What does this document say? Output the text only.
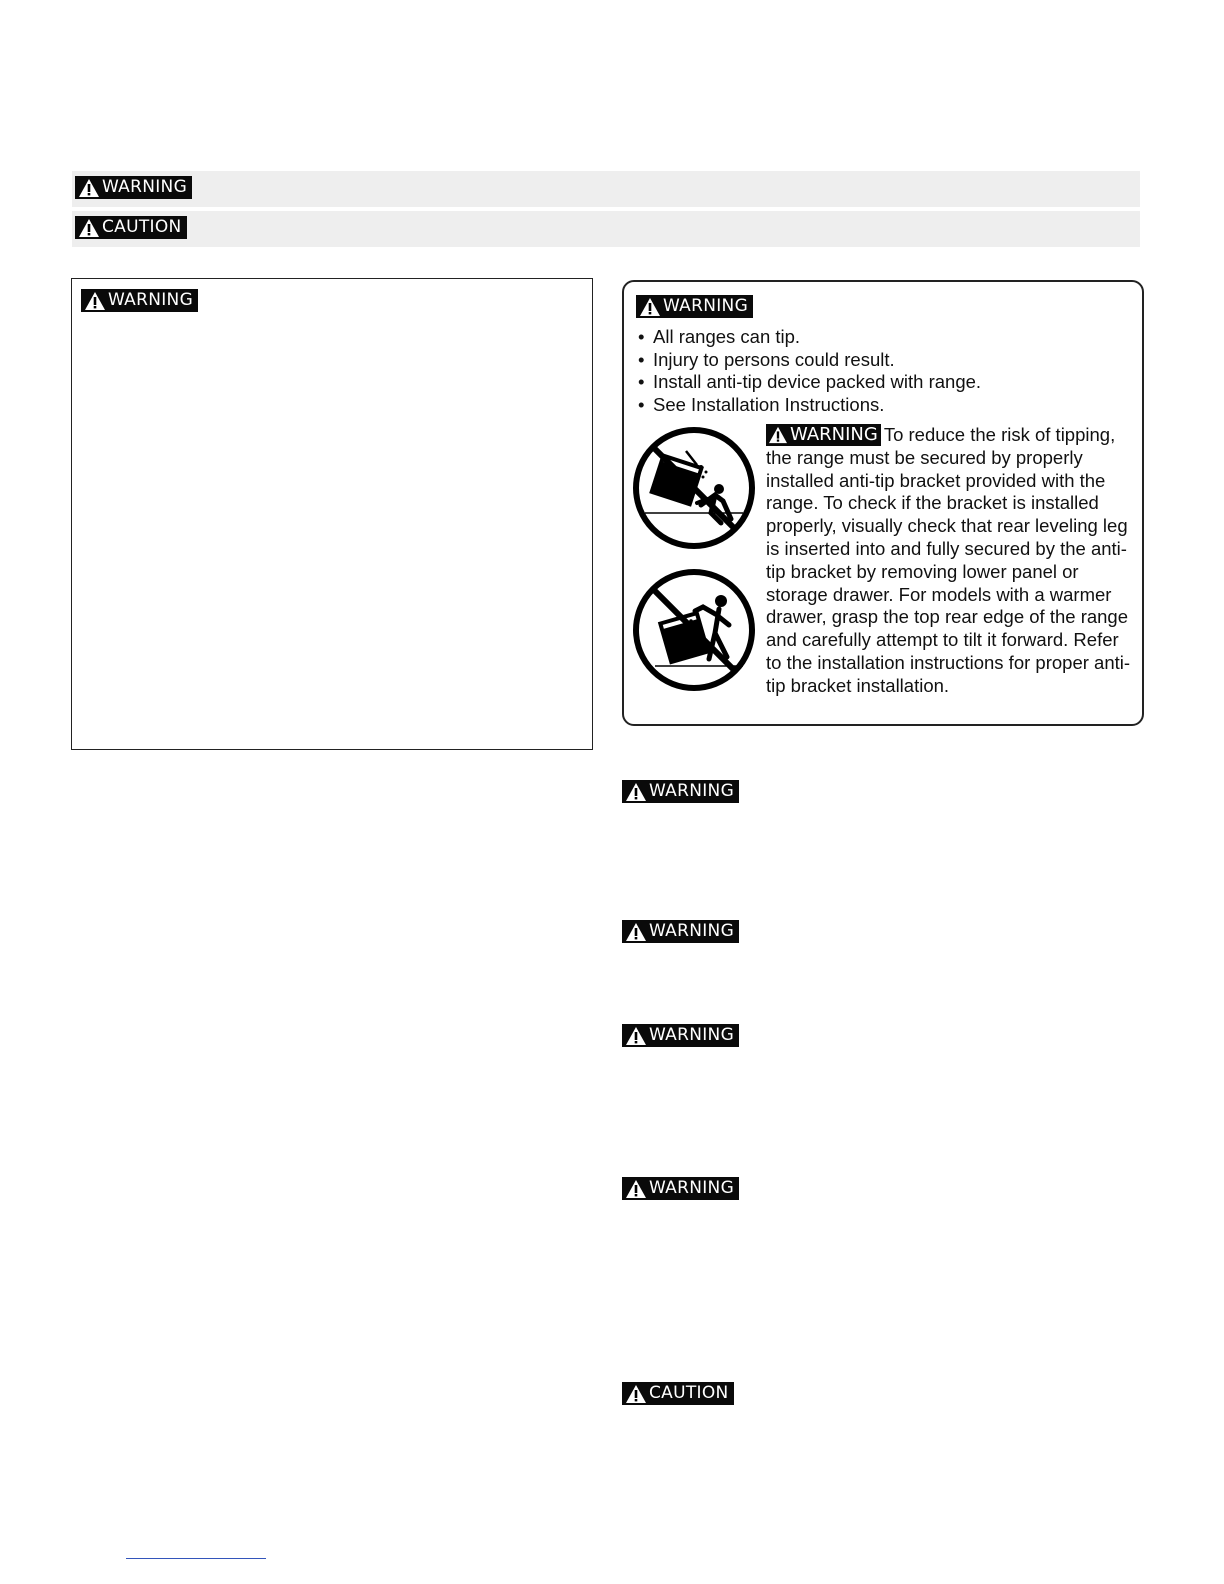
WARNING
CAUTION
WARNING	WARNING
• All ranges can tip.
• Injury to persons could result.
• Install anti-tip device packed with range.
• See Installation Instructions.
WARNING To reduce the risk of tipping, the range must be secured by properly installed anti-tip bracket provided with the range. To check if the bracket is installed properly, visually check that rear leveling leg is inserted into and fully secured by the anti-tip bracket by removing lower panel or storage drawer. For models with a warmer drawer, grasp the top rear edge of the range and carefully attempt to tilt it forward. Refer to the installation instructions for proper anti-tip bracket installation.
WARNING
WARNING
WARNING
WARNING
CAUTION
